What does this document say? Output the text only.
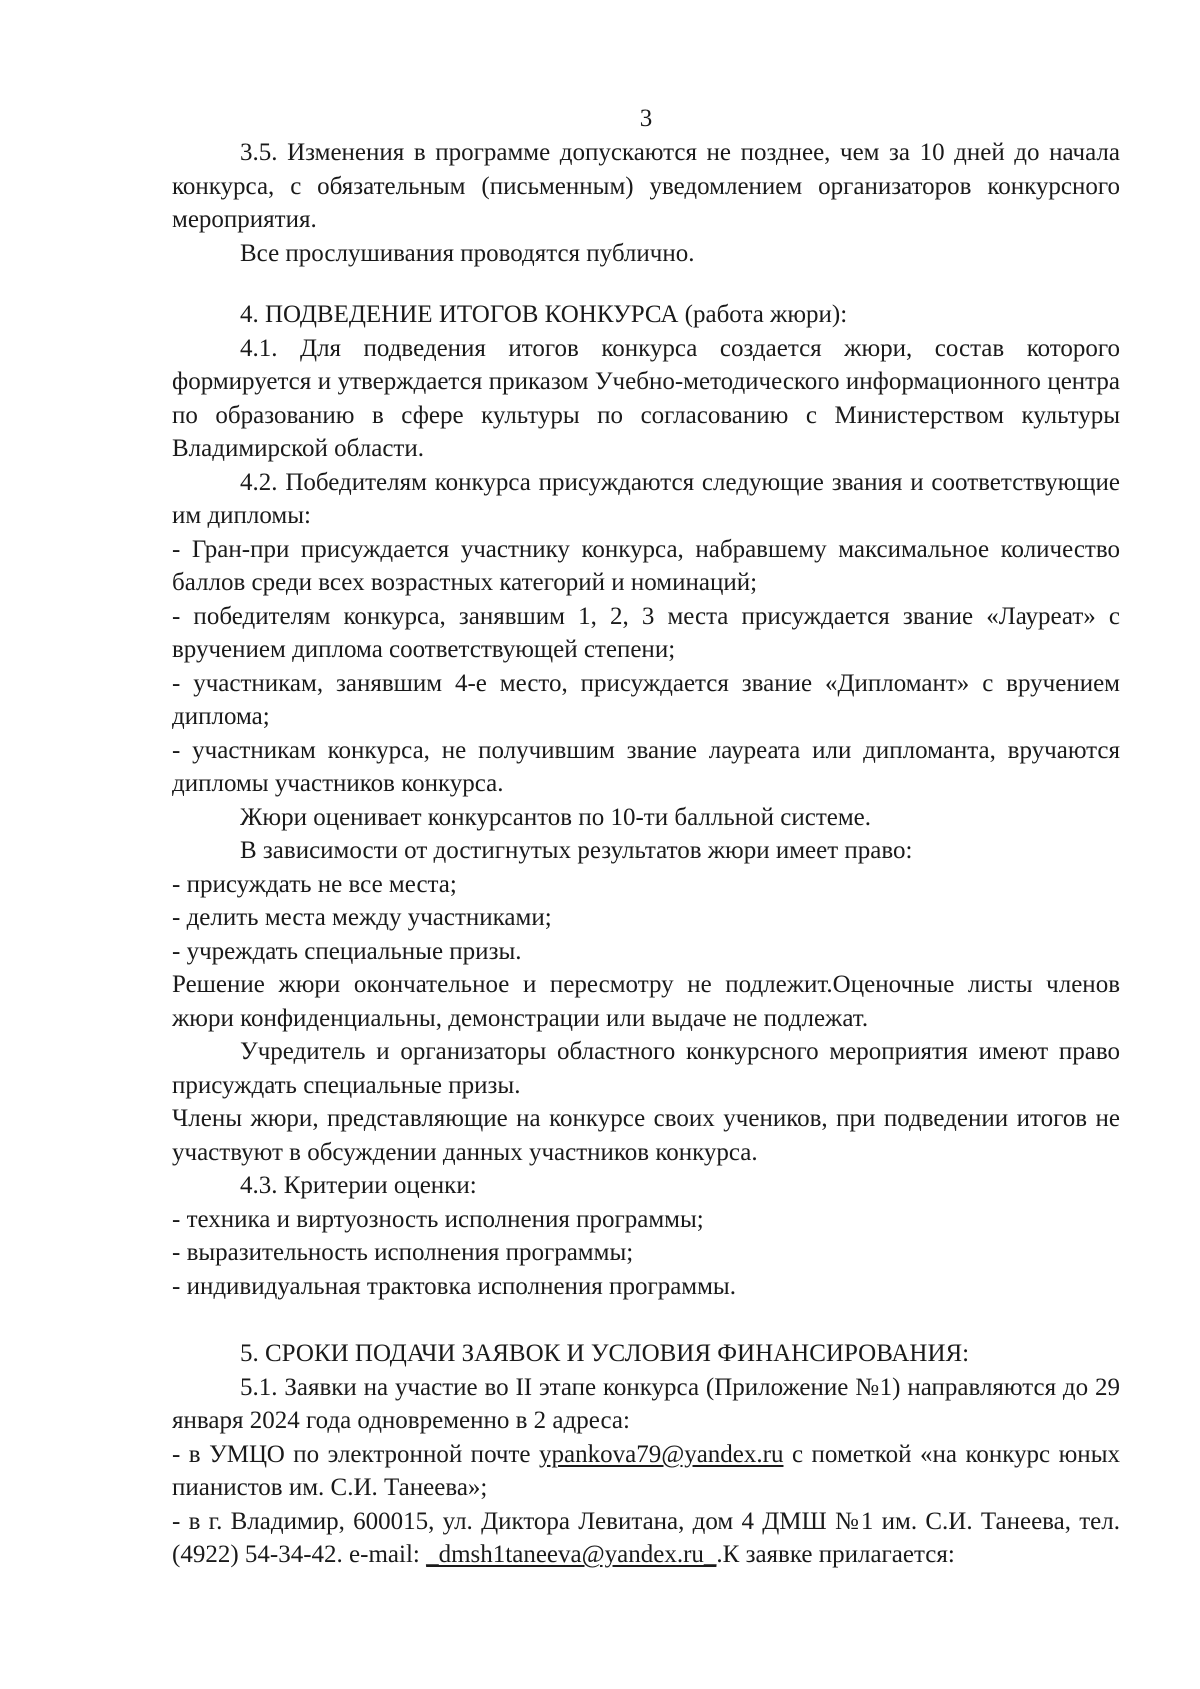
3

3.5. Изменения в программе допускаются не позднее, чем за 10 дней до начала конкурса, с обязательным (письменным) уведомлением организаторов конкурсного мероприятия.

Все прослушивания проводятся публично.

4. ПОДВЕДЕНИЕ ИТОГОВ КОНКУРСА (работа жюри):

4.1. Для подведения итогов конкурса создается жюри, состав которого формируется и утверждается приказом Учебно-методического информационного центра по образованию в сфере культуры по согласованию с Министерством культуры Владимирской области.

4.2. Победителям конкурса присуждаются следующие звания и соответствующие им дипломы:

- Гран-при присуждается участнику конкурса, набравшему максимальное количество баллов среди всех возрастных категорий и номинаций;

- победителям конкурса, занявшим 1, 2, 3 места присуждается звание «Лауреат» с вручением диплома соответствующей степени;

- участникам, занявшим 4-е место, присуждается звание «Дипломант» с вручением диплома;

- участникам конкурса, не получившим звание лауреата или дипломанта, вручаются дипломы участников конкурса.

Жюри оценивает конкурсантов по 10-ти балльной системе.

В зависимости от достигнутых результатов жюри имеет право:

- присуждать не все места;

- делить места между участниками;

- учреждать специальные призы.

Решение жюри окончательное и пересмотру не подлежит.Оценочные листы членов жюри конфиденциальны, демонстрации или выдаче не подлежат.

Учредитель и организаторы областного конкурсного мероприятия имеют право присуждать специальные призы.

Члены жюри, представляющие на конкурсе своих учеников, при подведении итогов не участвуют в обсуждении данных участников конкурса.

4.3. Критерии оценки:

- техника и виртуозность исполнения программы;

- выразительность исполнения программы;

- индивидуальная трактовка исполнения программы.

5. СРОКИ ПОДАЧИ ЗАЯВОК И УСЛОВИЯ ФИНАНСИРОВАНИЯ:

5.1. Заявки на участие во II этапе конкурса (Приложение №1) направляются до 29 января 2024 года одновременно в 2 адреса:

- в УМЦО по электронной почте ypankova79@yandex.ru с пометкой «на конкурс юных пианистов им. С.И. Танеева»;

- в г. Владимир, 600015, ул. Диктора Левитана, дом 4 ДМШ №1 им. С.И. Танеева, тел.(4922) 54-34-42. e-mail: _dmsh1taneeva@yandex.ru_.К заявке прилагается:
